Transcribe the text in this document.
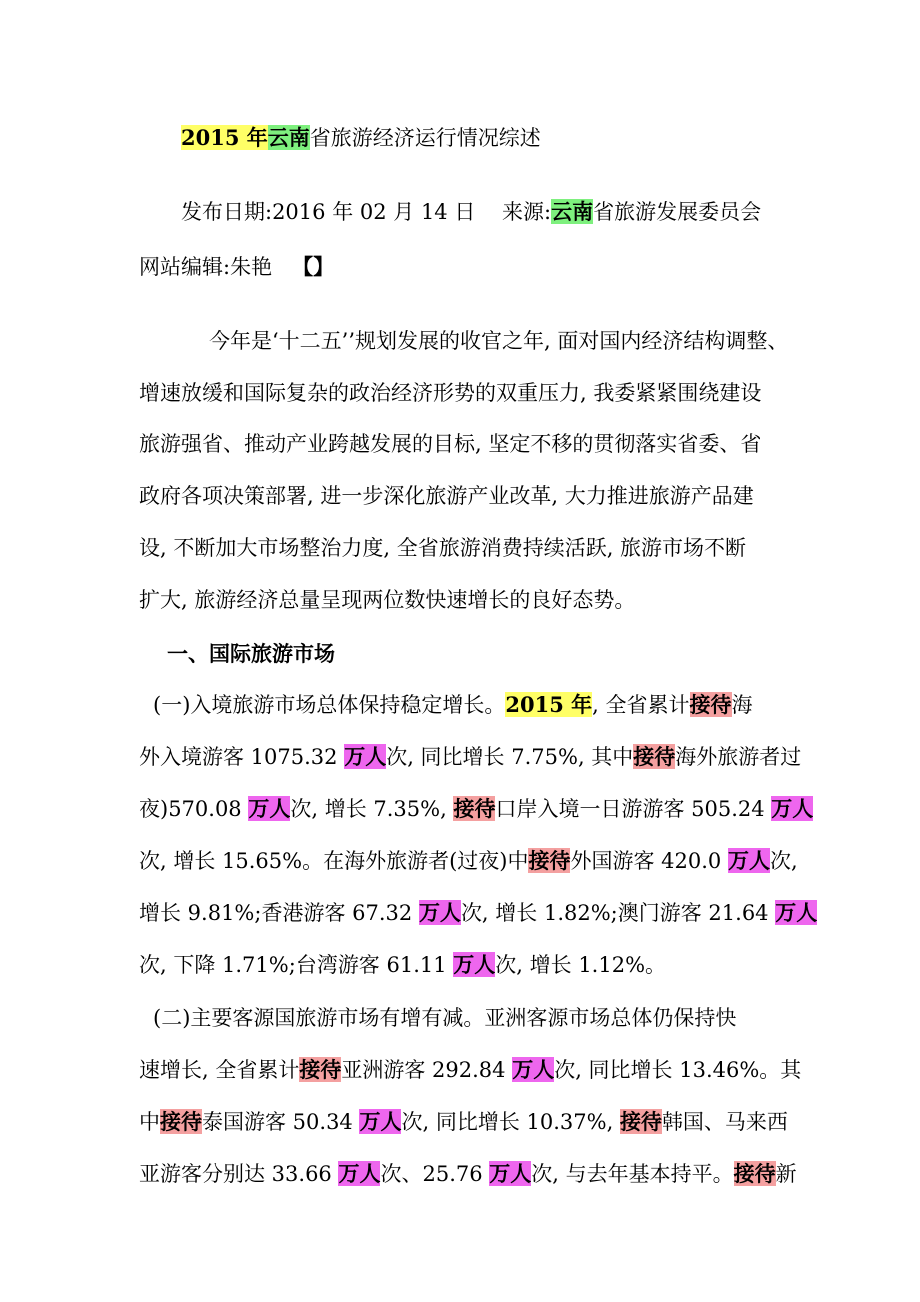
2015 年云南省旅游经济运行情况综述
发布日期:2016 年 02 月 14 日 来源:云南省旅游发展委员会
网站编辑:朱艳 【】
今年是‘十二五’’规划发展的收官之年, 面对国内经济结构调整、
增速放缓和国际复杂的政治经济形势的双重压力, 我委紧紧围绕建设
旅游强省、推动产业跨越发展的目标, 坚定不移的贯彻落实省委、省
政府各项决策部署, 进一步深化旅游产业改革, 大力推进旅游产品建
设, 不断加大市场整治力度, 全省旅游消费持续活跃, 旅游市场不断
扩大, 旅游经济总量呈现两位数快速增长的良好态势。
一、国际旅游市场
(一)入境旅游市场总体保持稳定增长。2015 年, 全省累计接待海
外入境游客 1075.32 万人次, 同比增长 7.75%, 其中接待海外旅游者过
夜)570.08 万人次, 增长 7.35%, 接待口岸入境一日游游客 505.24 万人
次, 增长 15.65%。在海外旅游者(过夜)中接待外国游客 420.0 万人次,
增长 9.81%;香港游客 67.32 万人次, 增长 1.82%;澳门游客 21.64 万人
次, 下降 1.71%;台湾游客 61.11 万人次, 增长 1.12%。
(二)主要客源国旅游市场有增有减。亚洲客源市场总体仍保持快
速增长, 全省累计接待亚洲游客 292.84 万人次, 同比增长 13.46%。其
中接待泰国游客 50.34 万人次, 同比增长 10.37%, 接待韩国、马来西
亚游客分别达 33.66 万人次、25.76 万人次, 与去年基本持平。接待新
